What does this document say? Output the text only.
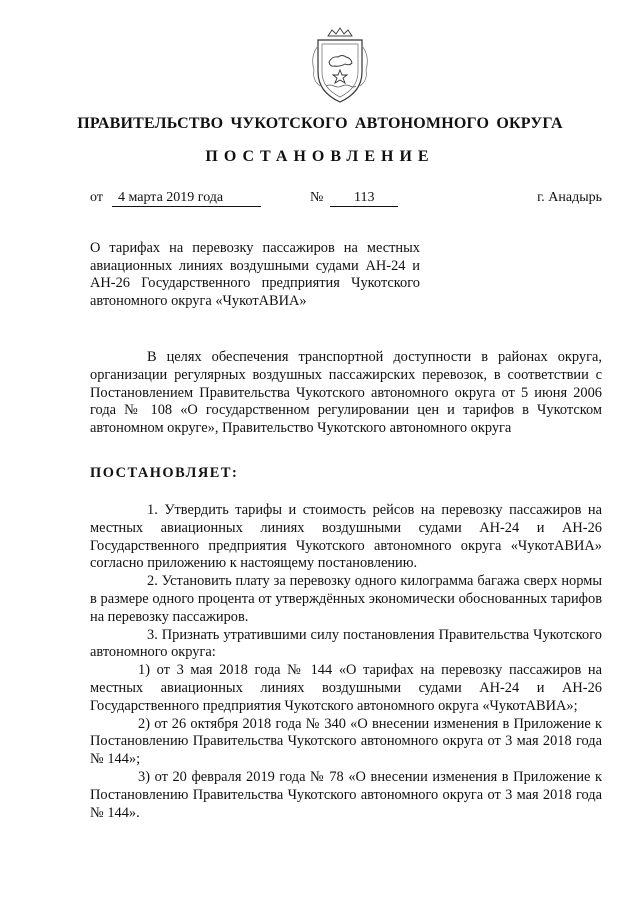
ПРАВИТЕЛЬСТВО ЧУКОТСКОГО АВТОНОМНОГО ОКРУГА
ПОСТАНОВЛЕНИЕ
от	4 марта 2019 года	№	113	г. Анадырь
О тарифах на перевозку пассажиров на местных авиационных линиях воздушными судами АН-24 и АН-26 Государственного предприятия Чукотского автономного округа «ЧукотАВИА»

В целях обеспечения транспортной доступности в районах округа, организации регулярных воздушных пассажирских перевозок, в соответствии с Постановлением Правительства Чукотского автономного округа от 5 июня 2006 года № 108 «О государственном регулировании цен и тарифов в Чукотском автономном округе», Правительство Чукотского автономного округа

ПОСТАНОВЛЯЕТ:

1. Утвердить тарифы и стоимость рейсов на перевозку пассажиров на местных авиационных линиях воздушными судами АН-24 и АН-26 Государственного предприятия Чукотского автономного округа «ЧукотАВИА» согласно приложению к настоящему постановлению.

2. Установить плату за перевозку одного килограмма багажа сверх нормы в размере одного процента от утверждённых экономически обоснованных тарифов на перевозку пассажиров.

3. Признать утратившими силу постановления Правительства Чукотского автономного округа:

1) от 3 мая 2018 года № 144 «О тарифах на перевозку пассажиров на местных авиационных линиях воздушными судами АН-24 и АН-26 Государственного предприятия Чукотского автономного округа «ЧукотАВИА»;

2) от 26 октября 2018 года № 340 «О внесении изменения в Приложение к Постановлению Правительства Чукотского автономного округа от 3 мая 2018 года № 144»;

3) от 20 февраля 2019 года № 78 «О внесении изменения в Приложение к Постановлению Правительства Чукотского автономного округа от 3 мая 2018 года № 144».
